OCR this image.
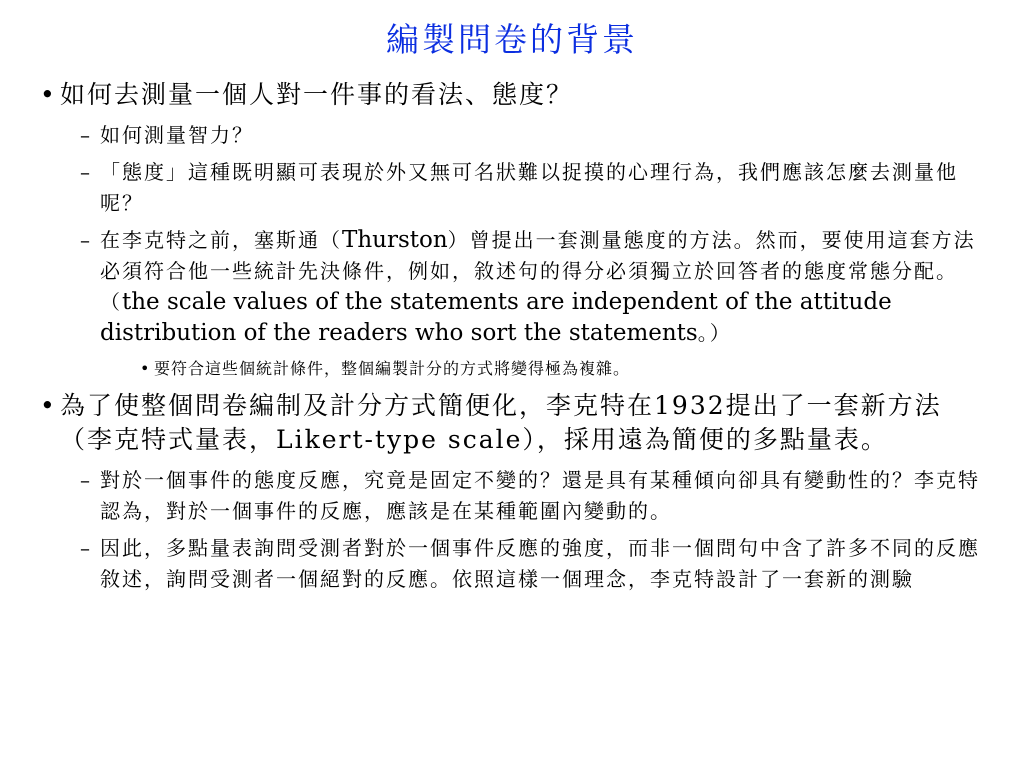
編製問卷的背景
• 如何去測量一個人對一件事的看法、態度？
– 如何測量智力？
– 「態度」這種既明顯可表現於外又無可名狀難以捉摸的心理行為，我們應該怎麼去測量他呢？
– 在李克特之前，塞斯通（Thurston）曾提出一套測量態度的方法。然而，要使用這套方法必須符合他一些統計先決條件，例如，敘述句的得分必須獨立於回答者的態度常態分配。（the scale values of the statements are independent of the attitude distribution of the readers who sort the statements。）
• 要符合這些個統計條件，整個編製計分的方式將變得極為複雜。
• 為了使整個問卷編制及計分方式簡便化，李克特在1932提出了一套新方法（李克特式量表，Likert-type scale），採用遠為簡便的多點量表。
– 對於一個事件的態度反應，究竟是固定不變的？還是具有某種傾向卻具有變動性的？李克特認為，對於一個事件的反應，應該是在某種範圍內變動的。
– 因此，多點量表詢問受測者對於一個事件反應的強度，而非一個問句中含了許多不同的反應敘述，詢問受測者一個絕對的反應。依照這樣一個理念，李克特設計了一套新的測驗
